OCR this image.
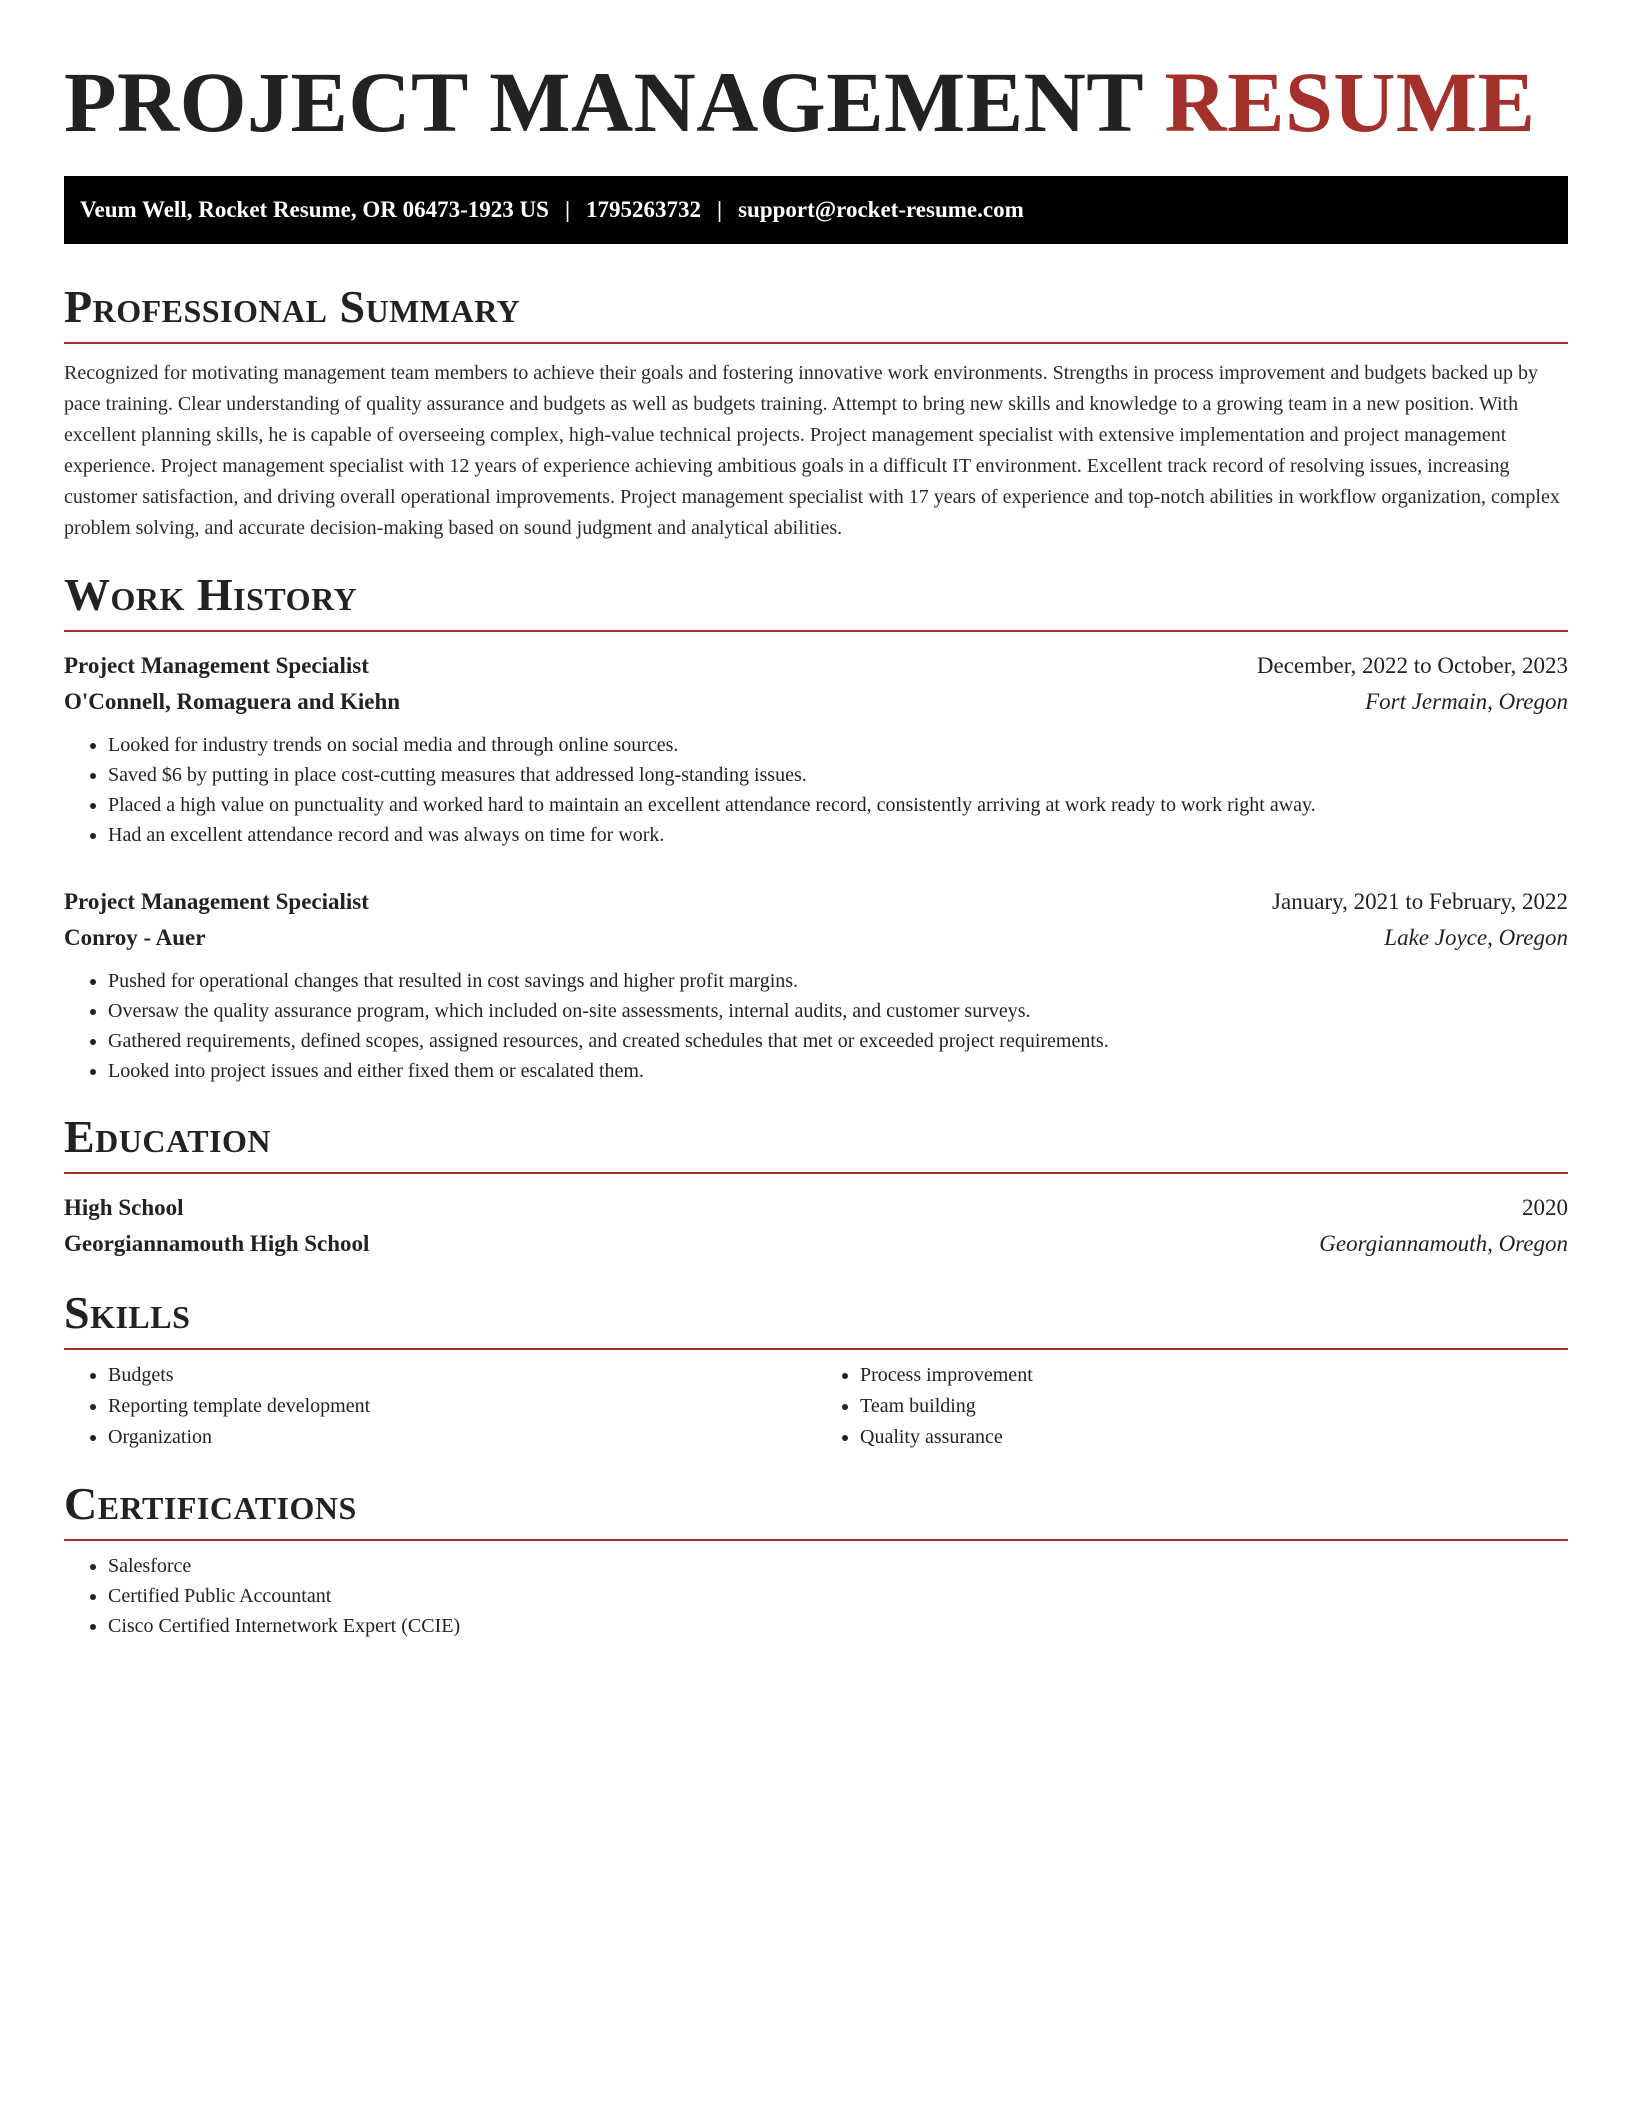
PROJECT MANAGEMENT RESUME
Veum Well, Rocket Resume, OR 06473-1923 US | 1795263732 | support@rocket-resume.com
Professional Summary

Recognized for motivating management team members to achieve their goals and fostering innovative work environments. Strengths in process improvement and budgets backed up by pace training. Clear understanding of quality assurance and budgets as well as budgets training. Attempt to bring new skills and knowledge to a growing team in a new position. With excellent planning skills, he is capable of overseeing complex, high-value technical projects. Project management specialist with extensive implementation and project management experience. Project management specialist with 12 years of experience achieving ambitious goals in a difficult IT environment. Excellent track record of resolving issues, increasing customer satisfaction, and driving overall operational improvements. Project management specialist with 17 years of experience and top-notch abilities in workflow organization, complex problem solving, and accurate decision-making based on sound judgment and analytical abilities.

Work History
Project Management Specialist	December, 2022 to October, 2023
O'Connell, Romaguera and Kiehn	Fort Jermain, Oregon
• Looked for industry trends on social media and through online sources.
• Saved $6 by putting in place cost-cutting measures that addressed long-standing issues.
• Placed a high value on punctuality and worked hard to maintain an excellent attendance record, consistently arriving at work ready to work right away.
• Had an excellent attendance record and was always on time for work.
Project Management Specialist	January, 2021 to February, 2022
Conroy - Auer	Lake Joyce, Oregon
• Pushed for operational changes that resulted in cost savings and higher profit margins.
• Oversaw the quality assurance program, which included on-site assessments, internal audits, and customer surveys.
• Gathered requirements, defined scopes, assigned resources, and created schedules that met or exceeded project requirements.
• Looked into project issues and either fixed them or escalated them.
Education
High School	2020
Georgiannamouth High School	Georgiannamouth, Oregon
Skills
• Budgets
• Reporting template development
• Organization
• Process improvement
• Team building
• Quality assurance
Certifications
• Salesforce
• Certified Public Accountant
• Cisco Certified Internetwork Expert (CCIE)
